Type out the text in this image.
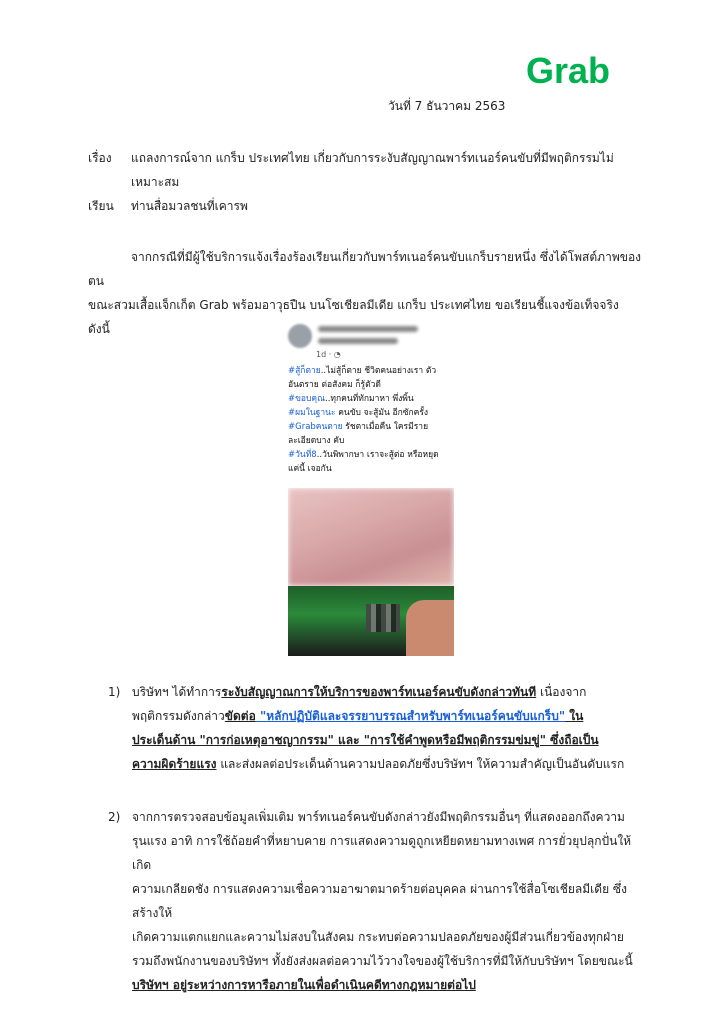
Grab
วันที่ 7 ธันวาคม 2563
เรื่อง แถลงการณ์จาก แกร็บ ประเทศไทย เกี่ยวกับการระงับสัญญาณพาร์ทเนอร์คนขับที่มีพฤติกรรมไม่
เหมาะสม
เรียน ท่านสื่อมวลชนที่เคารพ
จากกรณีที่มีผู้ใช้บริการแจ้งเรื่องร้องเรียนเกี่ยวกับพาร์ทเนอร์คนขับแกร็บรายหนึ่ง ซึ่งได้โพสต์ภาพของตน
ขณะสวมเสื้อแจ็กเก็ต Grab พร้อมอาวุธปืน บนโซเชียลมีเดีย แกร็บ ประเทศไทย ขอเรียนชี้แจงข้อเท็จจริง ดังนี้
1d · ◔
#สู้ก็ตาย..ไม่สู้ก็ตาย ชีวิตคนอย่างเรา ตัว
อันตราย ต่อสังคม ก็รู้ตัวดี
#ขอบคุณ..ทุกคนที่ทักมาหา พึ่งพิ้น
#ผมในฐานะ คนขับ จะสู้มัน อีกซักครั้ง
#Grabคนตาย รัชตาเมื่อคืน ใครมีราย
ละเอียดบาง คับ
#วันที่8..วันพิพากษา เราจะสู้ต่อ หรือหยุด
แค่นี้ เจอกัน
1) บริษัทฯ ได้ทำการระงับสัญญาณการให้บริการของพาร์ทเนอร์คนขับดังกล่าวทันที เนื่องจาก
พฤติกรรมดังกล่าวขัดต่อ "หลักปฏิบัติและจรรยาบรรณสำหรับพาร์ทเนอร์คนขับแกร็บ" ใน
ประเด็นด้าน "การก่อเหตุอาชญากรรม" และ "การใช้คำพูดหรือมีพฤติกรรมข่มขู่" ซึ่งถือเป็น
ความผิดร้ายแรง และส่งผลต่อประเด็นด้านความปลอดภัยซึ่งบริษัทฯ ให้ความสำคัญเป็นอันดับแรก
2) จากการตรวจสอบข้อมูลเพิ่มเติม พาร์ทเนอร์คนขับดังกล่าวยังมีพฤติกรรมอื่นๆ ที่แสดงออกถึงความ
รุนแรง อาทิ การใช้ถ้อยคำที่หยาบคาย การแสดงความดูถูกเหยียดหยามทางเพศ การยั่วยุปลุกปั่นให้เกิด
ความเกลียดชัง การแสดงความเชื่อความอาฆาตมาดร้ายต่อบุคคล ผ่านการใช้สื่อโซเชียลมีเดีย ซึ่งสร้างให้
เกิดความแตกแยกและความไม่สงบในสังคม กระทบต่อความปลอดภัยของผู้มีส่วนเกี่ยวข้องทุกฝ่าย
รวมถึงพนักงานของบริษัทฯ ทั้งยังส่งผลต่อความไว้วางใจของผู้ใช้บริการที่มีให้กับบริษัทฯ โดยขณะนี้
บริษัทฯ อยู่ระหว่างการหารือภายในเพื่อดำเนินคดีทางกฎหมายต่อไป
